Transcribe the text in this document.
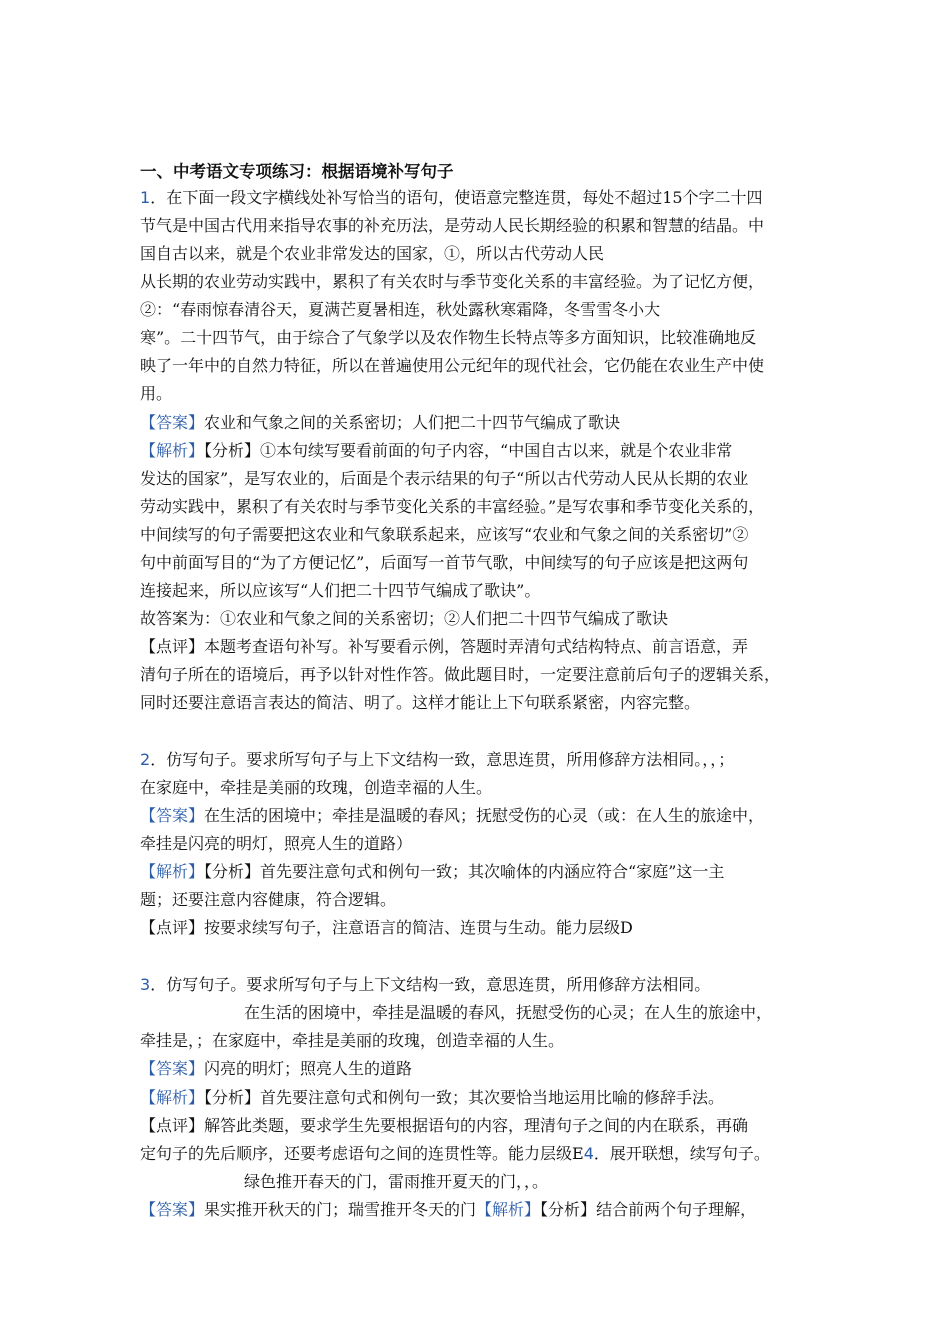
一、中考语文专项练习：根据语境补写句子
1．在下面一段文字横线处补写恰当的语句，使语意完整连贯，每处不超过15个字二十四
节气是中国古代用来指导农事的补充历法，是劳动人民长期经验的积累和智慧的结晶。中
国自古以来，就是个农业非常发达的国家，①，所以古代劳动人民
从长期的农业劳动实践中，累积了有关农时与季节变化关系的丰富经验。为了记忆方便，
②：“春雨惊春清谷天，夏满芒夏暑相连，秋处露秋寒霜降，冬雪雪冬小大
寒”。二十四节气，由于综合了气象学以及农作物生长特点等多方面知识，比较准确地反
映了一年中的自然力特征，所以在普遍使用公元纪年的现代社会，它仍能在农业生产中使
用。
【答案】农业和气象之间的关系密切；人们把二十四节气编成了歌诀
【解析】【分析】①本句续写要看前面的句子内容，“中国自古以来，就是个农业非常
发达的国家”，是写农业的，后面是个表示结果的句子“所以古代劳动人民从长期的农业
劳动实践中，累积了有关农时与季节变化关系的丰富经验。”是写农事和季节变化关系的，
中间续写的句子需要把这农业和气象联系起来，应该写“农业和气象之间的关系密切”②
句中前面写目的“为了方便记忆”，后面写一首节气歌，中间续写的句子应该是把这两句
连接起来，所以应该写“人们把二十四节气编成了歌诀”。
故答案为：①农业和气象之间的关系密切；②人们把二十四节气编成了歌诀
【点评】本题考查语句补写。补写要看示例，答题时弄清句式结构特点、前言语意，弄
清句子所在的语境后，再予以针对性作答。做此题目时，一定要注意前后句子的逻辑关系，
同时还要注意语言表达的简洁、明了。这样才能让上下句联系紧密，内容完整。
2．仿写句子。要求所写句子与上下文结构一致，意思连贯，所用修辞方法相同。，，；
在家庭中，牵挂是美丽的玫瑰，创造幸福的人生。
【答案】在生活的困境中；牵挂是温暖的春风；抚慰受伤的心灵（或：在人生的旅途中，
牵挂是闪亮的明灯，照亮人生的道路）
【解析】【分析】首先要注意句式和例句一致；其次喻体的内涵应符合“家庭”这一主
题；还要注意内容健康，符合逻辑。
【点评】按要求续写句子，注意语言的简洁、连贯与生动。能力层级D
3．仿写句子。要求所写句子与上下文结构一致，意思连贯，所用修辞方法相同。
在生活的困境中，牵挂是温暖的春风，抚慰受伤的心灵；在人生的旅途中，
牵挂是，；在家庭中，牵挂是美丽的玫瑰，创造幸福的人生。
【答案】闪亮的明灯；照亮人生的道路
【解析】【分析】首先要注意句式和例句一致；其次要恰当地运用比喻的修辞手法。
【点评】解答此类题，要求学生先要根据语句的内容，理清句子之间的内在联系，再确
定句子的先后顺序，还要考虑语句之间的连贯性等。能力层级E4．展开联想，续写句子。
绿色推开春天的门，雷雨推开夏天的门，，。
【答案】果实推开秋天的门；瑞雪推开冬天的门【解析】【分析】结合前两个句子理解，
